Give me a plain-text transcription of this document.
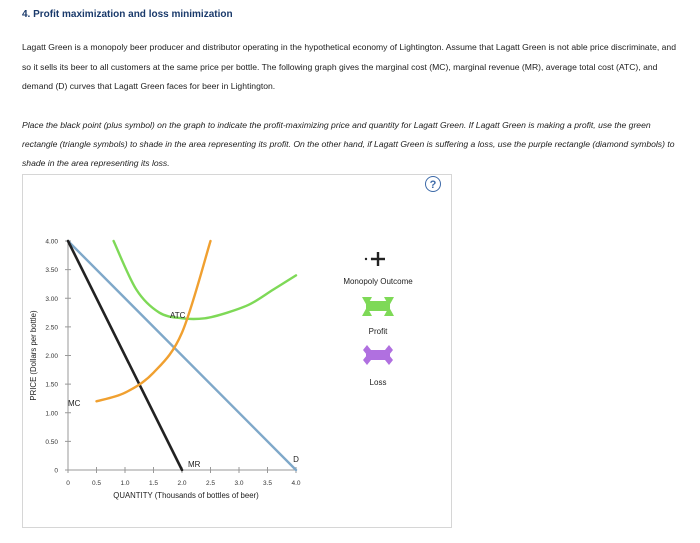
4. Profit maximization and loss minimization
Lagatt Green is a monopoly beer producer and distributor operating in the hypothetical economy of Lightington. Assume that Lagatt Green is not able price discriminate, and so it sells its beer to all customers at the same price per bottle. The following graph gives the marginal cost (MC), marginal revenue (MR), average total cost (ATC), and demand (D) curves that Lagatt Green faces for beer in Lightington.
Place the black point (plus symbol) on the graph to indicate the profit-maximizing price and quantity for Lagatt Green. If Lagatt Green is making a profit, use the green rectangle (triangle symbols) to shade in the area representing its profit. On the other hand, if Lagatt Green is suffering a loss, use the purple rectangle (diamond symbols) to shade in the area representing its loss.
?
0
0.50
1.00
1.50
2.00
2.50
3.00
3.50
4.00
0	0.5	1.0	1.5	2.0	2.5	3.0	3.5	4.0
QUANTITY (Thousands of bottles of beer)
PRICE (Dollars per bottle)	ATC
MC
MR
D
Monopoly Outcome
Profit
Loss
